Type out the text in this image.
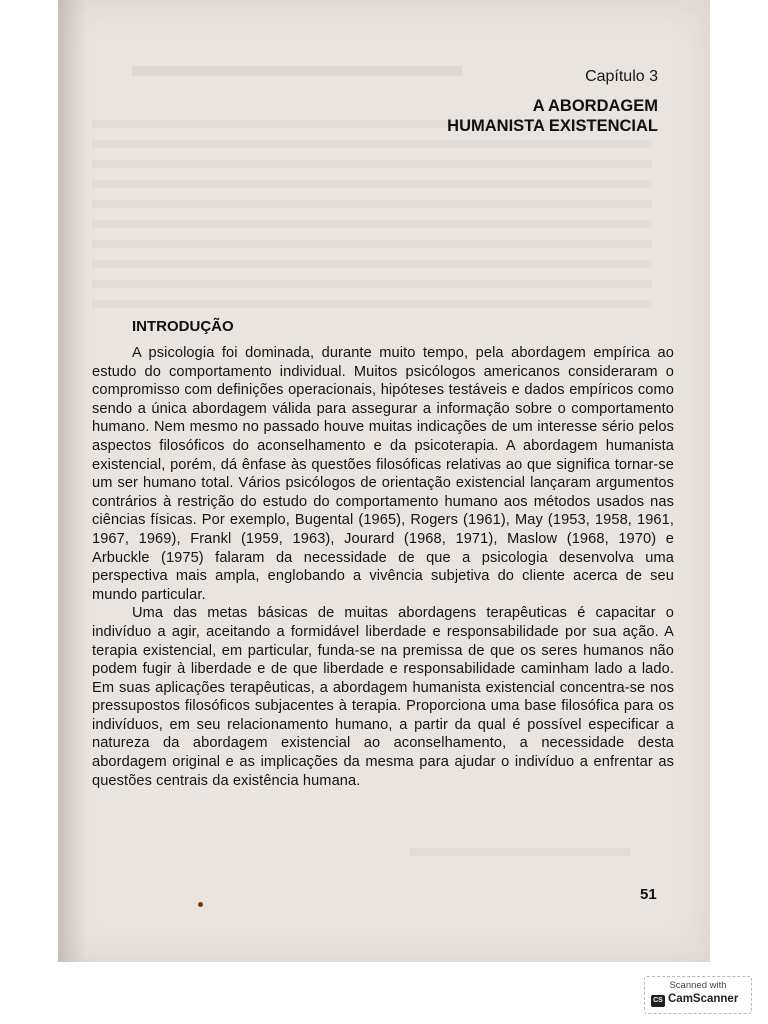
Capítulo 3
A ABORDAGEM
HUMANISTA EXISTENCIAL
INTRODUÇÃO

A psicologia foi dominada, durante muito tempo, pela abordagem empírica ao estudo do comportamento individual. Muitos psicólogos americanos consideraram o compromisso com definições operacionais, hipóteses testáveis e dados empíricos como sendo a única abordagem válida para assegurar a informação sobre o comportamento humano. Nem mesmo no passado houve muitas indicações de um interesse sério pelos aspectos filosóficos do aconselhamento e da psicoterapia. A abordagem humanista existencial, porém, dá ênfase às questões filosóficas relativas ao que significa tornar-se um ser humano total. Vários psicólogos de orientação existencial lançaram argumentos contrários à restrição do estudo do comportamento humano aos métodos usados nas ciências físicas. Por exemplo, Bugental (1965), Rogers (1961), May (1953, 1958, 1961, 1967, 1969), Frankl (1959, 1963), Jourard (1968, 1971), Maslow (1968, 1970) e Arbuckle (1975) falaram da necessidade de que a psicologia desenvolva uma perspectiva mais ampla, englobando a vivência subjetiva do cliente acerca de seu mundo particular.

Uma das metas básicas de muitas abordagens terapêuticas é capacitar o indivíduo a agir, aceitando a formidável liberdade e responsabilidade por sua ação. A terapia existencial, em particular, funda-se na premissa de que os seres humanos não podem fugir à liberdade e de que liberdade e responsabilidade caminham lado a lado. Em suas aplicações terapêuticas, a abordagem humanista existencial concentra-se nos pressupostos filosóficos subjacentes à terapia. Proporciona uma base filosófica para os indivíduos, em seu relacionamento humano, a partir da qual é possível especificar a natureza da abordagem existencial ao aconselhamento, a necessidade desta abordagem original e as implicações da mesma para ajudar o indivíduo a enfrentar as questões centrais da existência humana.

51
Scanned with
CS CamScanner
